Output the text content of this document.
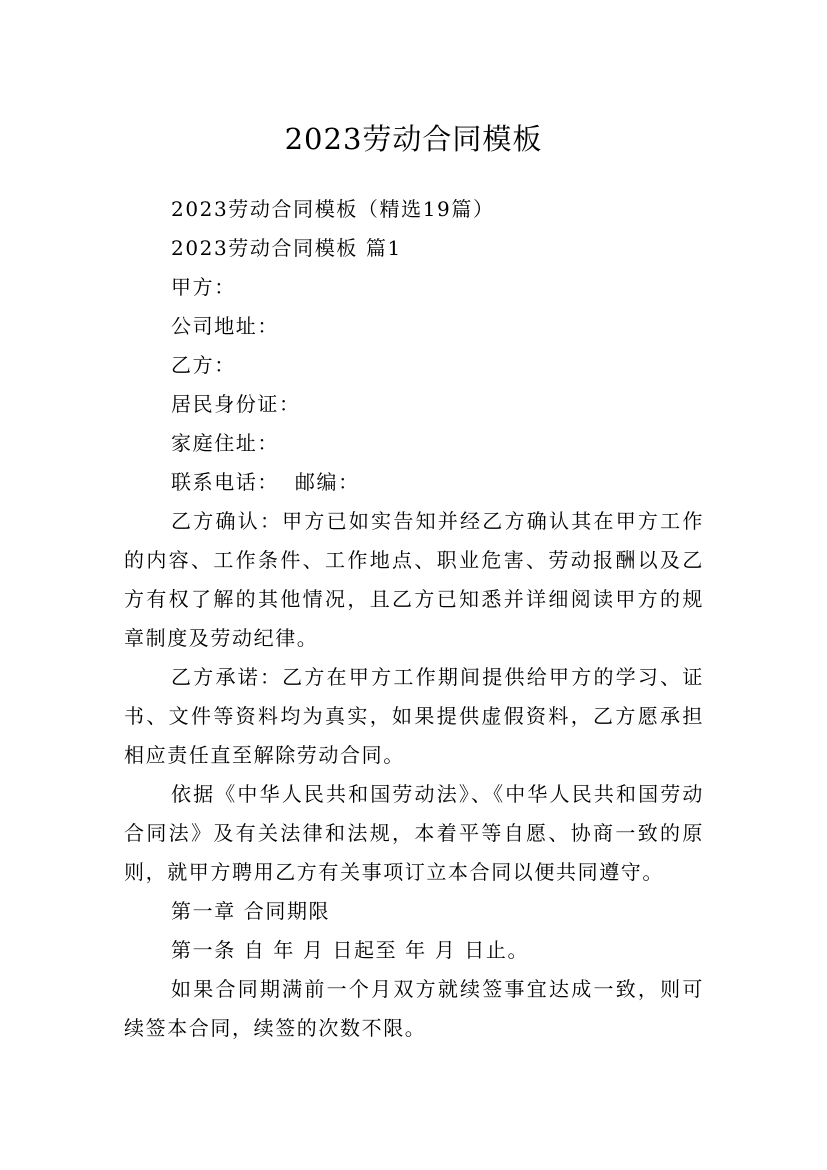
2023劳动合同模板

2023劳动合同模板（精选19篇）

2023劳动合同模板 篇1

甲方：

公司地址：

乙方：

居民身份证：

家庭住址：

联系电话：  邮编：

乙方确认：甲方已如实告知并经乙方确认其在甲方工作的内容、工作条件、工作地点、职业危害、劳动报酬以及乙方有权了解的其他情况，且乙方已知悉并详细阅读甲方的规章制度及劳动纪律。

乙方承诺：乙方在甲方工作期间提供给甲方的学习、证书、文件等资料均为真实，如果提供虚假资料，乙方愿承担相应责任直至解除劳动合同。

依据《中华人民共和国劳动法》、《中华人民共和国劳动合同法》及有关法律和法规，本着平等自愿、协商一致的原则，就甲方聘用乙方有关事项订立本合同以便共同遵守。

第一章 合同期限

第一条 自 年 月 日起至 年 月 日止。

如果合同期满前一个月双方就续签事宜达成一致，则可续签本合同，续签的次数不限。
